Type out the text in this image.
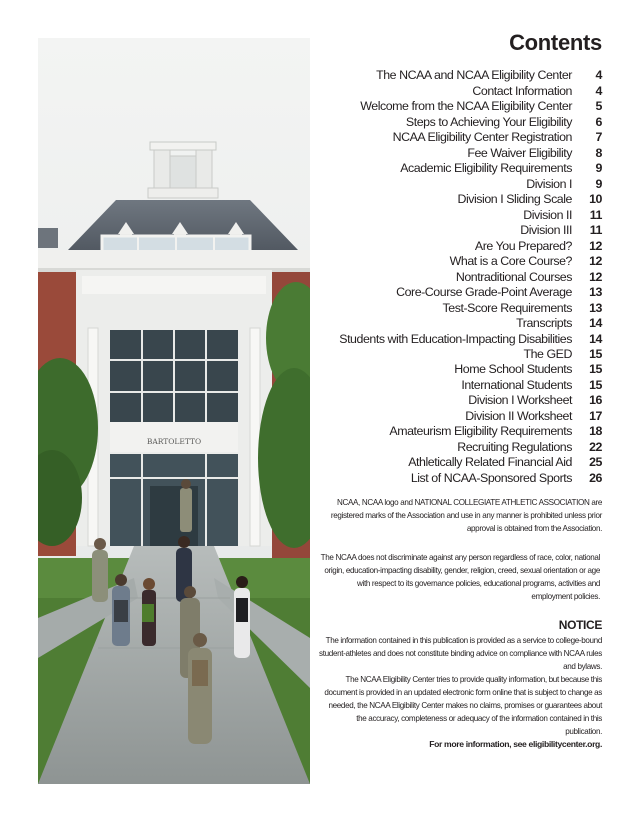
BARTOLETTO
Contents
The NCAA and NCAA Eligibility Center	4
Contact Information	4
Welcome from the NCAA Eligibility Center	5
Steps to Achieving Your Eligibility	6
NCAA Eligibility Center Registration	7
Fee Waiver Eligibility	8
Academic Eligibility Requirements	9
Division I	9
Division I Sliding Scale	10
Division II	11
Division III	11
Are You Prepared?	12
What is a Core Course?	12
Nontraditional Courses	12
Core-Course Grade-Point Average	13
Test-Score Requirements	13
Transcripts	14
Students with Education-Impacting Disabilities	14
The GED	15
Home School Students	15
International Students	15
Division I Worksheet	16
Division II Worksheet	17
Amateurism Eligibility Requirements	18
Recruiting Regulations	22
Athletically Related Financial Aid	25
List of NCAA-Sponsored Sports	26

NCAA, NCAA logo and NATIONAL COLLEGIATE ATHLETIC ASSOCIATION are registered marks of the Association and use in any manner is prohibited unless prior approval is obtained from the Association.

The NCAA does not discriminate against any person regardless of race, color, national origin, education-impacting disability, gender, religion, creed, sexual orientation or age with respect to its governance policies, educational programs, activities and employment policies.

NOTICE

The information contained in this publication is provided as a service to college-bound student-athletes and does not constitute binding advice on compliance with NCAA rules and bylaws.

The NCAA Eligibility Center tries to provide quality information, but because this document is provided in an updated electronic form online that is subject to change as needed, the NCAA Eligibility Center makes no claims, promises or guarantees about the accuracy, completeness or adequacy of the information contained in this publication.

For more information, see eligibilitycenter.org.
